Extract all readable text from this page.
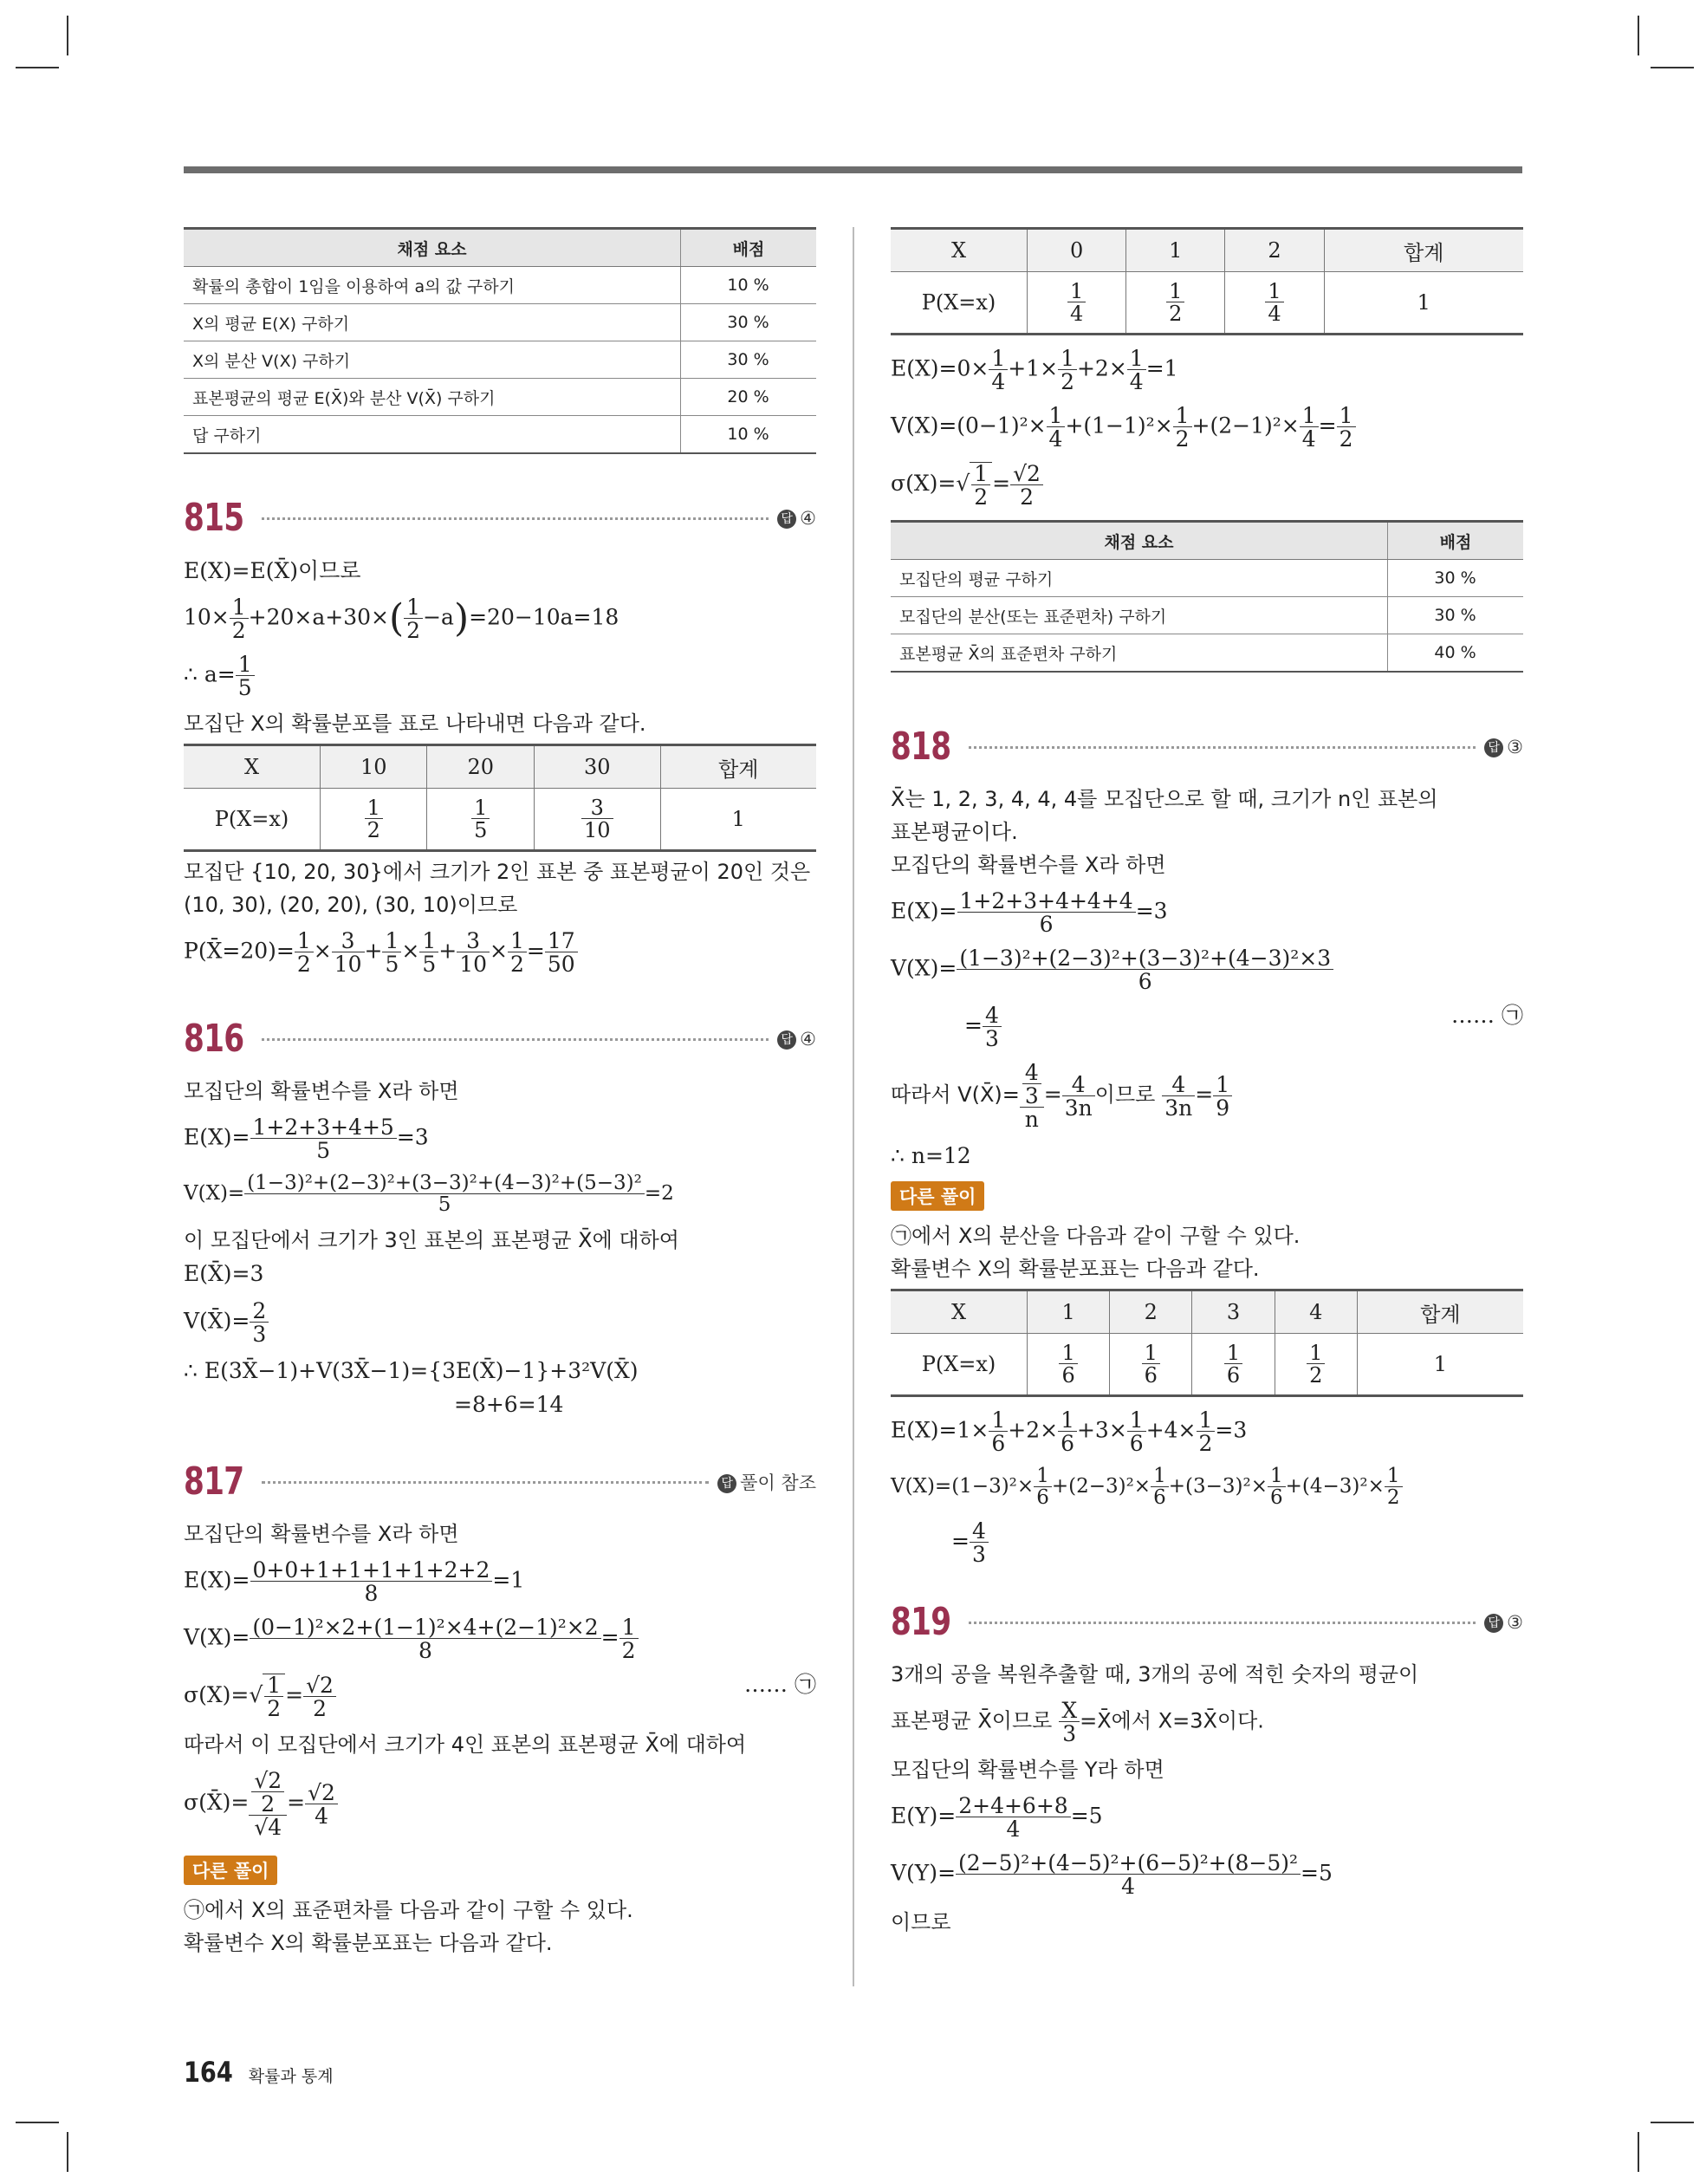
채점 요소	배점
확률의 총합이 1임을 이용하여 a의 값 구하기	10 %
X의 평균 E(X) 구하기	30 %
X의 분산 V(X) 구하기	30 %
표본평균의 평균 E(X̄)와 분산 V(X̄) 구하기	20 %
답 구하기	10 %
815	답 ④
E(X)=E(X̄)이므로
$10\times \frac{1}{2} +20\times a+30\times( \frac{1}{2} -a)=20-10a=18$
∴ $a= \frac{1}{5}$
모집단 X의 확률분포를 표로 나타내면 다음과 같다.
X	10	20	30	합계
P(X=x)	$\frac{1}{2}$	$\frac{1}{5}$	$\frac{3}{10}$	1
모집단 {10, 20, 30}에서 크기가 2인 표본 중 표본평균이 20인 것은
(10, 30), (20, 20), (30, 10)이므로
P(X̄=20)= $\frac{1}{2} \times \frac{3}{10} + \frac{1}{5} \times \frac{1}{5} + \frac{3}{10} \times \frac{1}{2} = \frac{17}{50}$
816	답 ④
모집단의 확률변수를 X라 하면
$E(X)= \frac{1+2+3+4+5}{5} =3$
$V(X)= \frac{\text{(1−3)²+(2−3)²+(3−3)²+(4−3)²+(5−3)²}}{5} =2$
이 모집단에서 크기가 3인 표본의 표본평균 X̄에 대하여
E(X̄)=3
V(X̄)= $\frac{2}{3}$
∴ E(3X̄−1)+V(3X̄−1)={3E(X̄)−1}+3²V(X̄)
=8+6=14
817	답 풀이 참조
모집단의 확률변수를 X라 하면
$E(X)= \frac{0+0+1+1+1+1+2+2}{8} =1$
$V(X)= \frac{\text{(0−1)²×2+(1−1)²×4+(2−1)²×2}}{8} = \frac{1}{2}$
$\sigma(X)=√ \frac{1}{2} = \frac{√2}{2}$	…… ㉠
따라서 이 모집단에서 크기가 4인 표본의 표본평균 X̄에 대하여
σ(X̄)= $\frac{\frac{√2}{2}}{√4} = \frac{√2}{4}$
다른 풀이
㉠에서 X의 표준편차를 다음과 같이 구할 수 있다.
확률변수 X의 확률분포표는 다음과 같다.
X	0	1	2	합계
P(X=x)	$\frac{1}{4}$	$\frac{1}{2}$	$\frac{1}{4}$	1
$E(X)=0\times \frac{1}{4} +1\times \frac{1}{2} +2\times \frac{1}{4} =1$
$V(X)=(0-1)^2\times \frac{1}{4} +(1-1)^2\times \frac{1}{2} +(2-1)^2\times \frac{1}{4} = \frac{1}{2}$
$\sigma(X)=√ \frac{1}{2} = \frac{√2}{2}$
채점 요소	배점
모집단의 평균 구하기	30 %
모집단의 분산(또는 표준편차) 구하기	30 %
표본평균 X̄의 표준편차 구하기	40 %
818	답 ③
X̄는 1, 2, 3, 4, 4, 4를 모집단으로 할 때, 크기가 n인 표본의
표본평균이다.
모집단의 확률변수를 X라 하면
$E(X)= \frac{1+2+3+4+4+4}{6} =3$
$V(X)= \frac{\text{(1−3)²+(2−3)²+(3−3)²+(4−3)²×3}}{6}$
= $\frac{4}{3}$	…… ㉠
따라서 V(X̄)= $\frac{\frac{4}{3}}{n} = \frac{4}{3n}$ 이므로 $\frac{4}{3n} = \frac{1}{9}$
∴ n=12
다른 풀이
㉠에서 X의 분산을 다음과 같이 구할 수 있다.
확률변수 X의 확률분포표는 다음과 같다.
X	1	2	3	4	합계
P(X=x)	$\frac{1}{6}$	$\frac{1}{6}$	$\frac{1}{6}$	$\frac{1}{2}$	1
$E(X)=1\times \frac{1}{6} +2\times \frac{1}{6} +3\times \frac{1}{6} +4\times \frac{1}{2} =3$
$V(X)=(1-3)^2\times \frac{1}{6} +(2-3)^2\times \frac{1}{6} +(3-3)^2\times \frac{1}{6} +(4-3)^2\times \frac{1}{2}$
= $\frac{4}{3}$
819	답 ③
3개의 공을 복원추출할 때, 3개의 공에 적힌 숫자의 평균이
표본평균 X̄이므로 $\frac{X}{3}$ =X̄에서 X=3X̄이다.
모집단의 확률변수를 Y라 하면
$E(Y)= \frac{2+4+6+8}{4} =5$
$V(Y)= \frac{\text{(2−5)²+(4−5)²+(6−5)²+(8−5)²}}{4} =5$
이므로
164 확률과 통계
